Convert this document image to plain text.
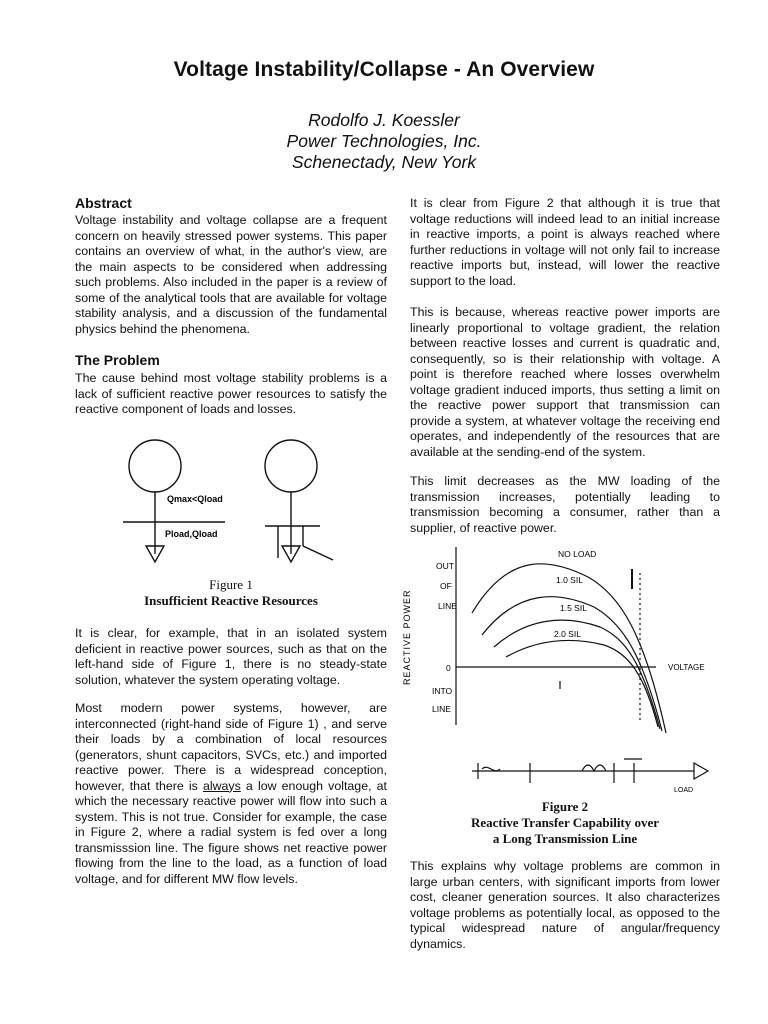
Voltage Instability/Collapse - An Overview
Rodolfo J. Koessler
Power Technologies, Inc.
Schenectady, New York
Abstract
Voltage instability and voltage collapse are a frequent concern on heavily stressed power systems. This paper contains an overview of what, in the author's view, are the main aspects to be considered when addressing such problems. Also included in the paper is a review of some of the analytical tools that are available for voltage stability analysis, and a discussion of the fundamental physics behind the phenomena.
The Problem
The cause behind most voltage stability problems is a lack of sufficient reactive power resources to satisfy the reactive component of loads and losses.
Qmax<Qload
Pload,Qload
Figure 1
Insufficient Reactive Resources
It is clear, for example, that in an isolated system deficient in reactive power sources, such as that on the left-hand side of Figure 1, there is no steady-state solution, whatever the system operating voltage.
Most modern power systems, however, are interconnected (right-hand side of Figure 1) , and serve their loads by a combination of local resources (generators, shunt capacitors, SVCs, etc.) and imported reactive power. There is a widespread conception, however, that there is always a low enough voltage, at which the necessary reactive power will flow into such a system. This is not true. Consider for example, the case in Figure 2, where a radial system is fed over a long transmisssion line. The figure shows net reactive power flowing from the line to the load, as a function of load voltage, and for different MW flow levels.
It is clear from Figure 2 that although it is true that voltage reductions will indeed lead to an initial increase in reactive imports, a point is always reached where further reductions in voltage will not only fail to increase reactive imports but, instead, will lower the reactive support to the load.
This is because, whereas reactive power imports are linearly proportional to voltage gradient, the relation between reactive losses and current is quadratic and, consequently, so is their relationship with voltage. A point is therefore reached where losses overwhelm voltage gradient induced imports, thus setting a limit on the reactive power support that transmission can provide a system, at whatever voltage the receiving end operates, and independently of the resources that are available at the sending-end of the system.
This limit decreases as the MW loading of the transmission increases, potentially leading to transmission becoming a consumer, rather than a supplier, of reactive power.
REACTIVE POWER
OUT
OF
LINE
0
INTO
LINE
VOLTAGE
NO LOAD
1.0 SIL
1.5 SIL
2.0 SIL
LOAD
Figure 2
Reactive Transfer Capability over
a Long Transmission Line
This explains why voltage problems are common in large urban centers, with significant imports from lower cost, cleaner generation sources. It also characterizes voltage problems as potentially local, as opposed to the typical widespread nature of angular/frequency dynamics.
